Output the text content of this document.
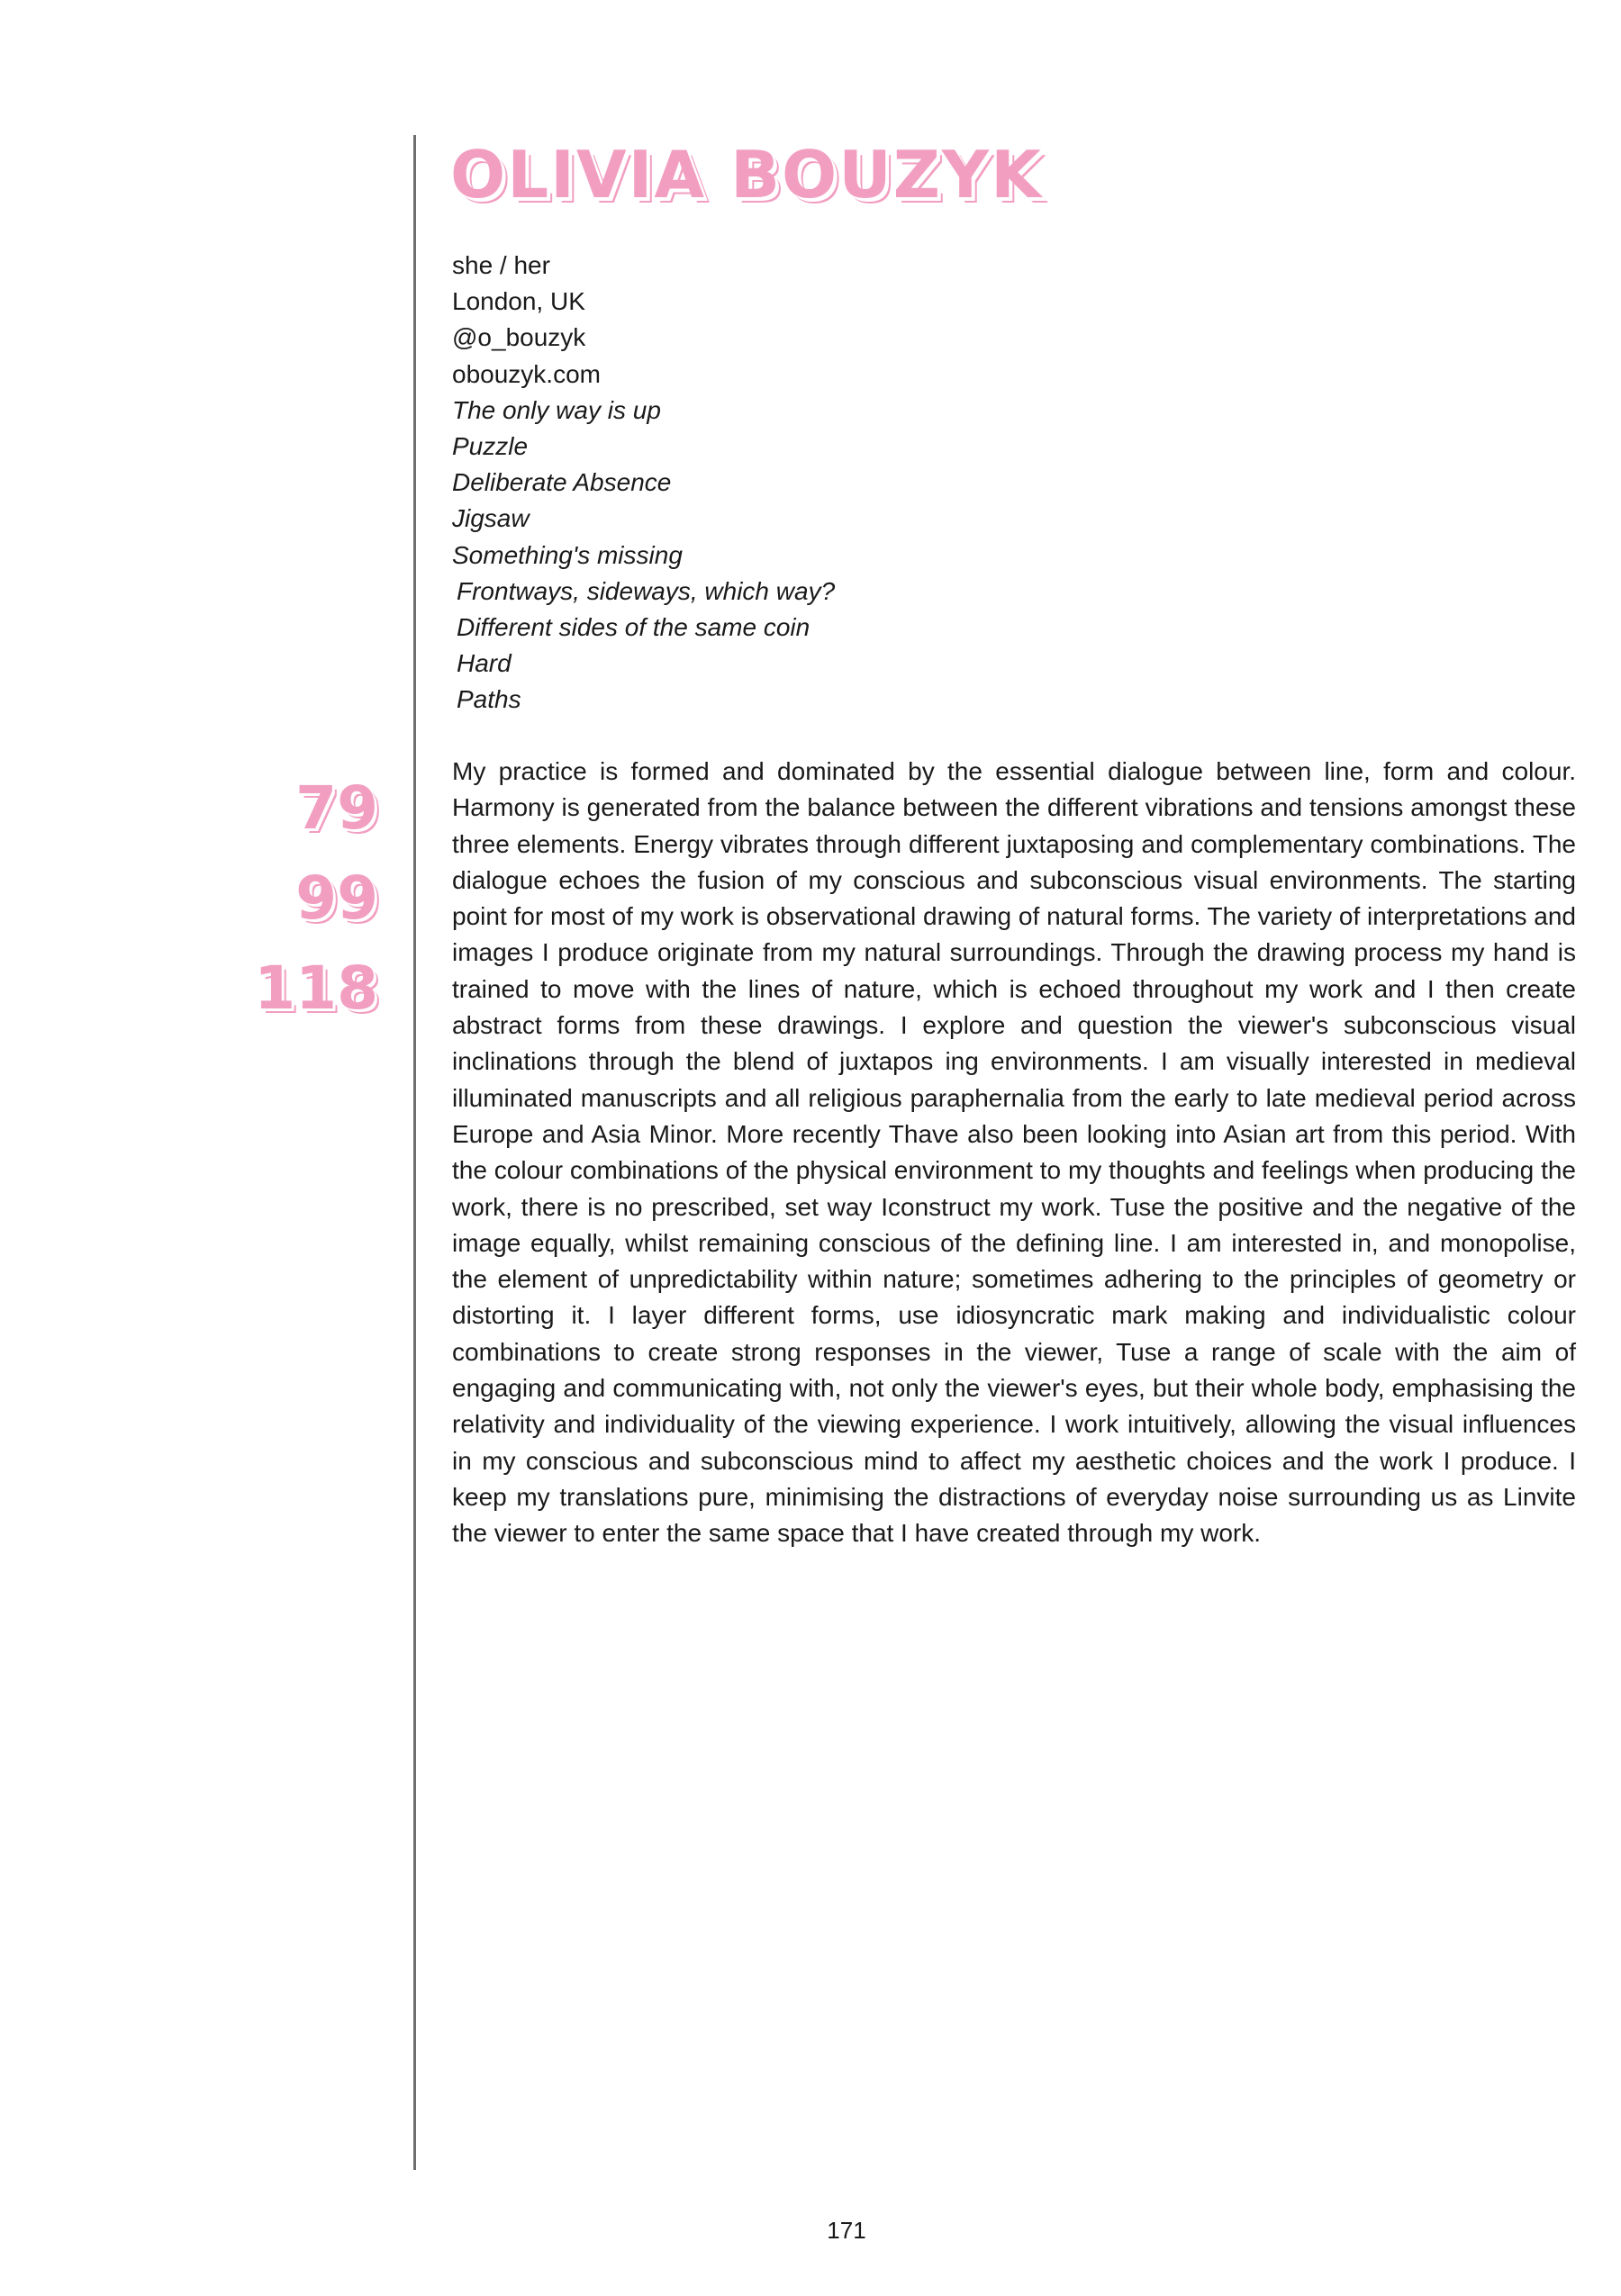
OLIVIA BOUZYK
she / her
London, UK
@o_bouzyk
obouzyk.com
The only way is up
Puzzle
Deliberate Absence
Jigsaw
Something's missing
Frontways, sideways, which way?
Different sides of the same coin
Hard
Paths
79
99
118

My practice is formed and dominated by the essential dialogue between line, form and colour. Harmony is generated from the balance between the different vibrations and tensions amongst these three elements. Energy vibrates through different juxtaposing and complementary combinations. The dialogue echoes the fusion of my conscious and subconscious visual environments. The starting point for most of my work is observational drawing of natural forms. The variety of interpretations and images I produce originate from my natural surroundings. Through the drawing process my hand is trained to move with the lines of nature, which is echoed throughout my work and I then create abstract forms from these drawings. I explore and question the viewer's subconscious visual inclinations through the blend of juxtapos ing environments. I am visually interested in medieval illuminated manuscripts and all religious paraphernalia from the early to late medieval period across Europe and Asia Minor. More recently Thave also been looking into Asian art from this period. With the colour combinations of the physical environment to my thoughts and feelings when producing the work, there is no prescribed, set way Iconstruct my work. Tuse the positive and the negative of the image equally, whilst remaining conscious of the defining line. I am interested in, and monopolise, the element of unpredictability within nature; sometimes adhering to the principles of geometry or distorting it. I layer different forms, use idiosyncratic mark making and individualistic colour combinations to create strong responses in the viewer, Tuse a range of scale with the aim of engaging and communicating with, not only the viewer's eyes, but their whole body, emphasising the relativity and individuality of the viewing experience. I work intuitively, allowing the visual influences in my conscious and subconscious mind to affect my aesthetic choices and the work I produce. I keep my translations pure, minimising the distractions of everyday noise surrounding us as Linvite the viewer to enter the same space that I have created through my work.

171
